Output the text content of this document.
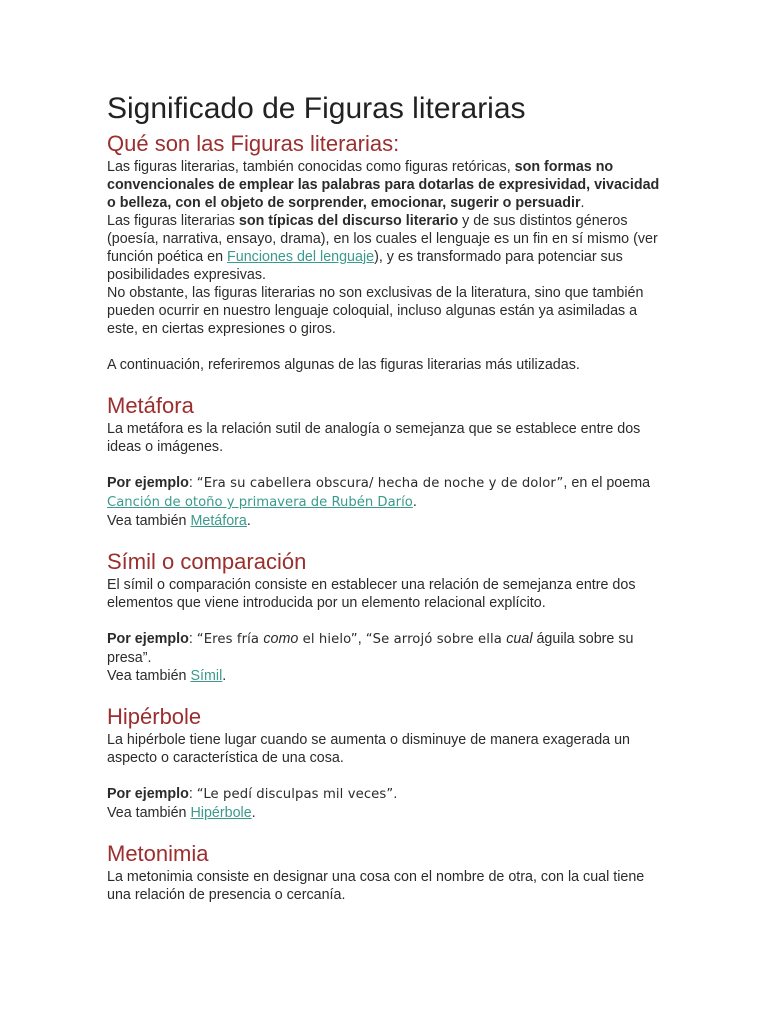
Significado de Figuras literarias
Qué son las Figuras literarias:

Las figuras literarias, también conocidas como figuras retóricas, son formas no convencionales de emplear las palabras para dotarlas de expresividad, vivacidad o belleza, con el objeto de sorprender, emocionar, sugerir o persuadir.

Las figuras literarias son típicas del discurso literario y de sus distintos géneros (poesía, narrativa, ensayo, drama), en los cuales el lenguaje es un fin en sí mismo (ver función poética en Funciones del lenguaje), y es transformado para potenciar sus posibilidades expresivas.

No obstante, las figuras literarias no son exclusivas de la literatura, sino que también pueden ocurrir en nuestro lenguaje coloquial, incluso algunas están ya asimiladas a este, en ciertas expresiones o giros.

A continuación, referiremos algunas de las figuras literarias más utilizadas.

Metáfora

La metáfora es la relación sutil de analogía o semejanza que se establece entre dos ideas o imágenes.

Por ejemplo: “Era su cabellera obscura/ hecha de noche y de dolor”, en el poema Canción de otoño y primavera de Rubén Darío.

Vea también Metáfora.

Símil o comparación

El símil o comparación consiste en establecer una relación de semejanza entre dos elementos que viene introducida por un elemento relacional explícito.

Por ejemplo: “Eres fría como el hielo”, “Se arrojó sobre ella cual águila sobre su presa”.

Vea también Símil.

Hipérbole

La hipérbole tiene lugar cuando se aumenta o disminuye de manera exagerada un aspecto o característica de una cosa.

Por ejemplo: “Le pedí disculpas mil veces”.

Vea también Hipérbole.

Metonimia

La metonimia consiste en designar una cosa con el nombre de otra, con la cual tiene una relación de presencia o cercanía.
